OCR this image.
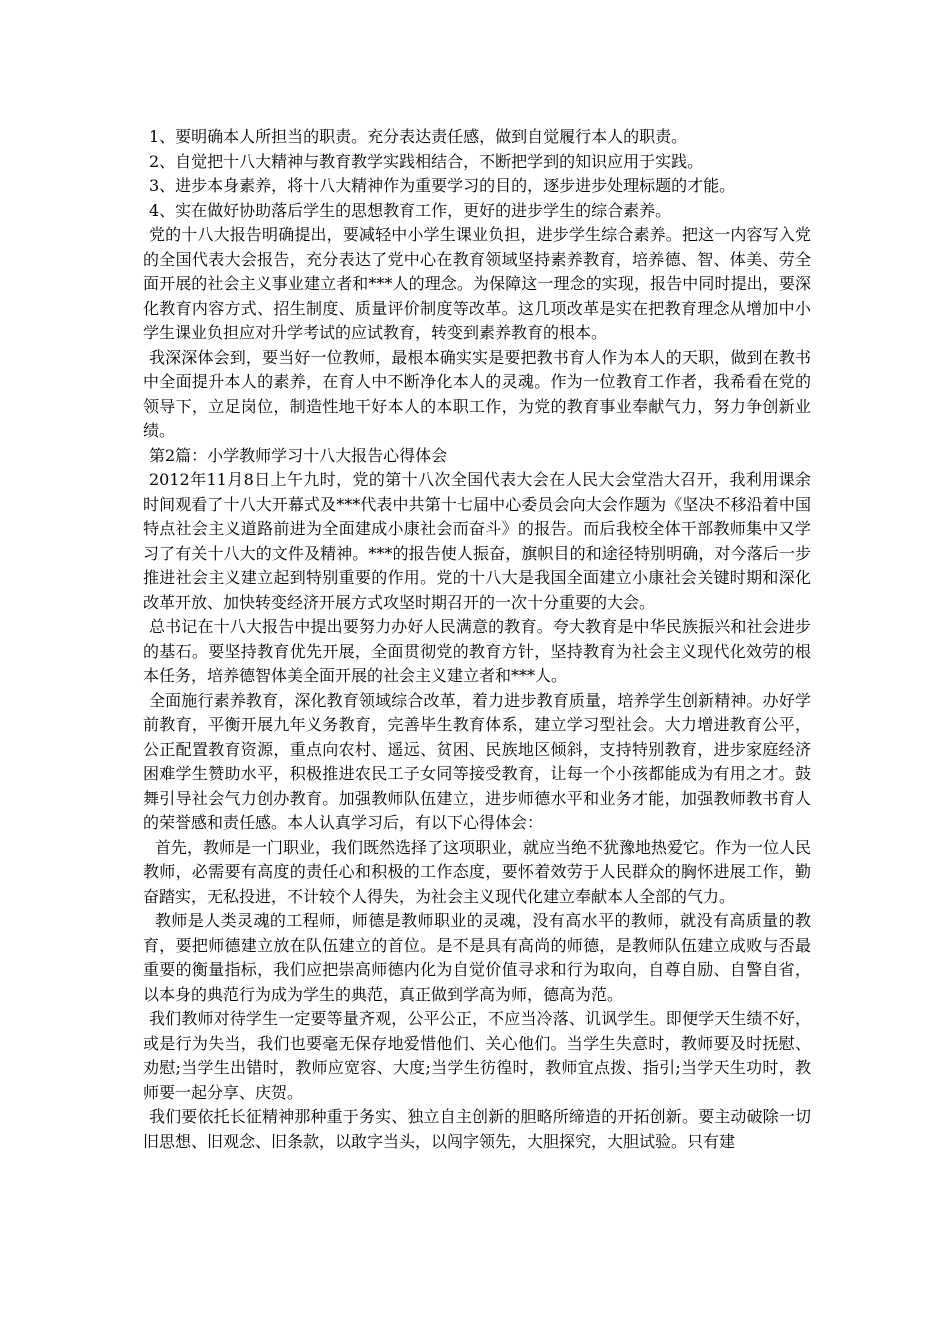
1、要明确本人所担当的职责。充分表达责任感，做到自觉履行本人的职责。

2、自觉把十八大精神与教育教学实践相结合，不断把学到的知识应用于实践。

3、进步本身素养，将十八大精神作为重要学习的目的，逐步进步处理标题的才能。

4、实在做好协助落后学生的思想教育工作，更好的进步学生的综合素养。

党的十八大报告明确提出，要减轻中小学生课业负担，进步学生综合素养。把这一内容写入党的全国代表大会报告，充分表达了党中心在教育领域坚持素养教育，培养德、智、体美、劳全面开展的社会主义事业建立者和***人的理念。为保障这一理念的实现，报告中同时提出，要深化教育内容方式、招生制度、质量评价制度等改革。这几项改革是实在把教育理念从增加中小学生课业负担应对升学考试的应试教育，转变到素养教育的根本。

我深深体会到，要当好一位教师，最根本确实实是要把教书育人作为本人的天职，做到在教书中全面提升本人的素养，在育人中不断净化本人的灵魂。作为一位教育工作者，我希看在党的领导下，立足岗位，制造性地干好本人的本职工作，为党的教育事业奉献气力，努力争创新业绩。

第2篇：小学教师学习十八大报告心得体会

2012年11月8日上午九时，党的第十八次全国代表大会在人民大会堂浩大召开，我利用课余时间观看了十八大开幕式及***代表中共第十七届中心委员会向大会作题为《坚决不移沿着中国特点社会主义道路前进为全面建成小康社会而奋斗》的报告。而后我校全体干部教师集中又学习了有关十八大的文件及精神。***的报告使人振奋，旗帜目的和途径特别明确，对今落后一步推进社会主义建立起到特别重要的作用。党的十八大是我国全面建立小康社会关键时期和深化改革开放、加快转变经济开展方式攻坚时期召开的一次十分重要的大会。

总书记在十八大报告中提出要努力办好人民满意的教育。夸大教育是中华民族振兴和社会进步的基石。要坚持教育优先开展，全面贯彻党的教育方针，坚持教育为社会主义现代化效劳的根本任务，培养德智体美全面开展的社会主义建立者和***人。

全面施行素养教育，深化教育领域综合改革，着力进步教育质量，培养学生创新精神。办好学前教育，平衡开展九年义务教育，完善毕生教育体系，建立学习型社会。大力增进教育公平，公正配置教育资源，重点向农村、遥远、贫困、民族地区倾斜，支持特别教育，进步家庭经济困难学生赞助水平，积极推进农民工子女同等接受教育，让每一个小孩都能成为有用之才。鼓舞引导社会气力创办教育。加强教师队伍建立，进步师德水平和业务才能，加强教师教书育人的荣誉感和责任感。本人认真学习后，有以下心得体会：

首先，教师是一门职业，我们既然选择了这项职业，就应当绝不犹豫地热爱它。作为一位人民教师，必需要有高度的责任心和积极的工作态度，要怀着效劳于人民群众的胸怀进展工作，勤奋踏实，无私投进，不计较个人得失，为社会主义现代化建立奉献本人全部的气力。

教师是人类灵魂的工程师，师德是教师职业的灵魂，没有高水平的教师，就没有高质量的教育，要把师德建立放在队伍建立的首位。是不是具有高尚的师德，是教师队伍建立成败与否最重要的衡量指标，我们应把崇高师德内化为自觉价值寻求和行为取向，自尊自励、自警自省，以本身的典范行为成为学生的典范，真正做到学高为师，德高为范。

我们教师对待学生一定要等量齐观，公平公正，不应当冷落、讥讽学生。即便学天生绩不好，或是行为失当，我们也要毫无保存地爱惜他们、关心他们。当学生失意时，教师要及时抚慰、劝慰;当学生出错时，教师应宽容、大度;当学生彷徨时，教师宜点拨、指引;当学天生功时，教师要一起分享、庆贺。

我们要依托长征精神那种重于务实、独立自主创新的胆略所缔造的开拓创新。要主动破除一切旧思想、旧观念、旧条款，以敢字当头，以闯字领先，大胆探究，大胆试验。只有建
